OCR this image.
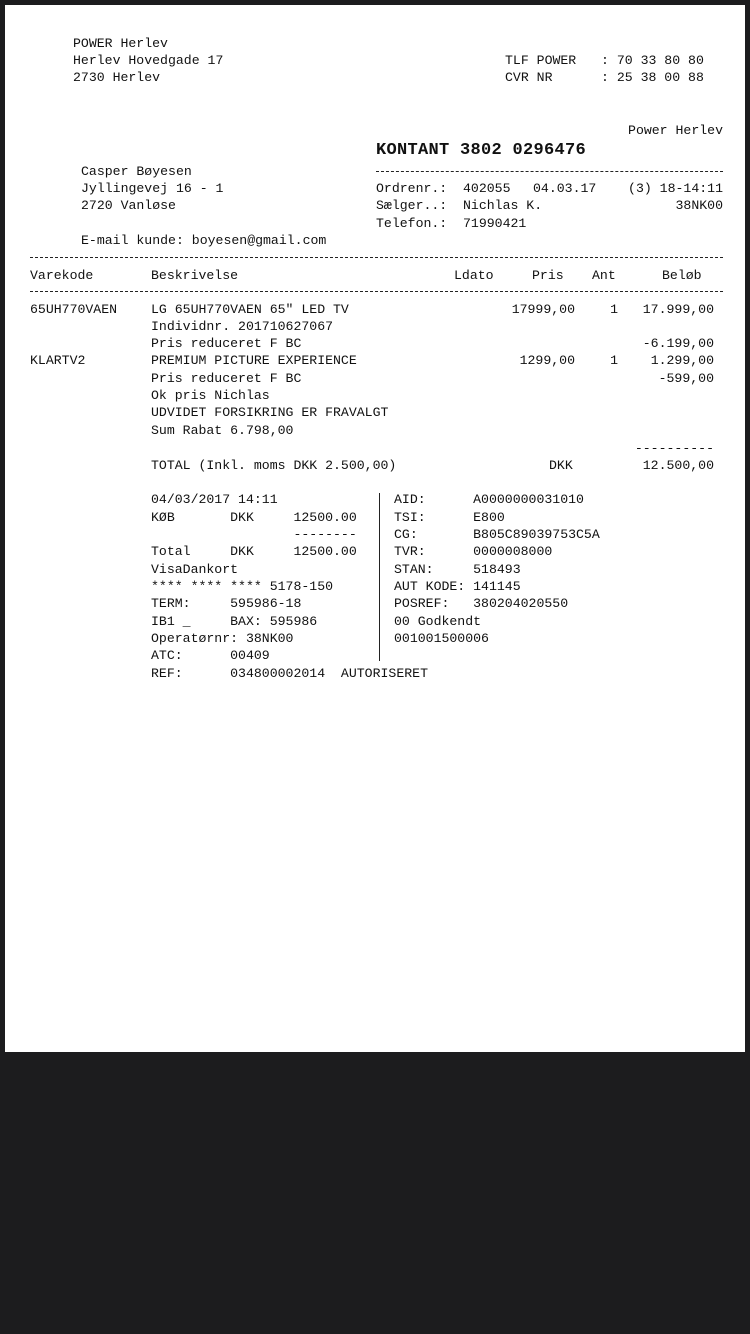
POWER Herlev
Herlev Hovedgade 17
2730 Herlev
TLF POWER : 70 33 80 80
CVR NR	: 25 38 00 88
Power Herlev
KONTANT 3802 0296476
Casper Bøyesen
Jyllingevej 16 - 1
2720 Vanløse
E-mail kunde: boyesen@gmail.com
Ordrenr.: 402055 04.03.17 (3) 18-14:11
Sælger..: Nichlas K.	38NK00
Telefon.: 71990421
Varekode	Beskrivelse	Ldato	Pris Ant	Beløb
65UH770VAEN	LG 65UH770VAEN 65" LED TV	17999,00	1 17.999,00
Individnr. 201710627067
Pris reduceret F BC	-6.199,00
KLARTV2	PREMIUM PICTURE EXPERIENCE	1299,00	1 1.299,00
Pris reduceret F BC	-599,00
Ok pris Nichlas
UDVIDET FORSIKRING ER FRAVALGT
Sum Rabat 6.798,00
----------
TOTAL (Inkl. moms DKK 2.500,00)	DKK	12.500,00
04/03/2017 14:11
KØB       DKK     12500.00
--------
Total     DKK     12500.00
VisaDankort
**** **** **** 5178-150
TERM:     595986-18
IB1 _     BAX: 595986
Operatørnr: 38NK00
ATC:      00409
REF:      034800002014  AUTORISERET
AID:      A0000000031010
TSI:      E800
CG:       B805C89039753C5A
TVR:      0000008000
STAN:     518493
AUT KODE: 141145
POSREF:   380204020550
00 Godkendt
001001500006
